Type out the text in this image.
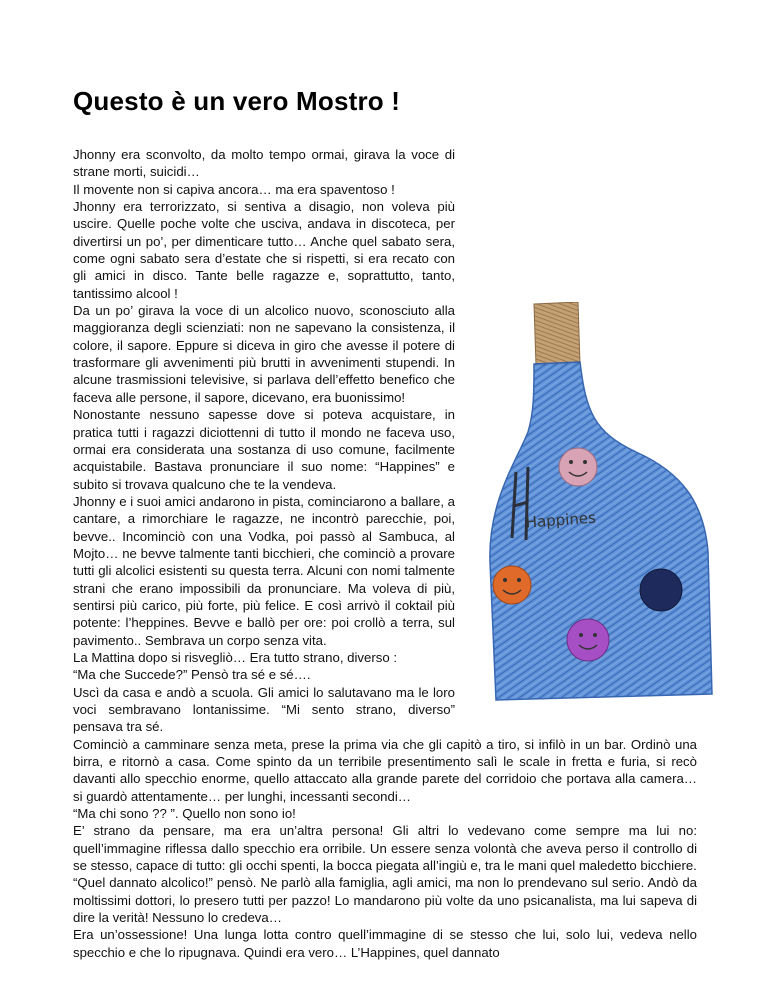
Questo è un vero Mostro !

Jhonny era sconvolto, da molto tempo ormai, girava la voce di strane morti, suicidi…

Il movente non si capiva ancora… ma era spaventoso !

Jhonny era terrorizzato, si sentiva a disagio, non voleva più uscire. Quelle poche volte che usciva, andava in discoteca, per divertirsi un po’, per dimenticare tutto… Anche quel sabato sera, come ogni sabato sera d’estate che si rispetti, si era recato con gli amici in disco. Tante belle ragazze e, soprattutto, tanto, tantissimo alcool !

Da un po’ girava la voce di un alcolico nuovo, sconosciuto alla maggioranza degli scienziati: non ne sapevano la consistenza, il colore, il sapore. Eppure si diceva in giro che avesse il potere di trasformare gli avvenimenti più brutti in avvenimenti stupendi. In alcune trasmissioni televisive, si parlava dell’effetto benefico che faceva alle persone, il sapore, dicevano, era buonissimo!

Nonostante nessuno sapesse dove si poteva acquistare, in pratica tutti i ragazzi diciottenni di tutto il mondo ne faceva uso, ormai era considerata una sostanza di uso comune, facilmente acquistabile. Bastava pronunciare il suo nome: “Happines” e subito si trovava qualcuno che te la vendeva.

Jhonny e i suoi amici andarono in pista, cominciarono a ballare, a cantare, a rimorchiare le ragazze, ne incontrò parecchie, poi, bevve.. Incominciò con una Vodka, poi passò al Sambuca, al Mojto… ne bevve talmente tanti bicchieri, che cominciò a provare tutti gli alcolici esistenti su questa terra. Alcuni con nomi talmente strani che erano impossibili da pronunciare. Ma voleva di più, sentirsi più carico, più forte, più felice. E così arrivò il coktail più potente: l’heppines. Bevve e ballò per ore: poi crollò a terra, sul pavimento.. Sembrava un corpo senza vita.

La Mattina dopo si risvegliò… Era tutto strano, diverso :

“Ma che Succede?” Pensò tra sé e sé….

Uscì da casa e andò a scuola. Gli amici lo salutavano ma le loro voci sembravano lontanissime. “Mi sento strano, diverso” pensava tra sé.

Cominciò a camminare senza meta, prese la prima via che gli capitò a tiro, si infilò in un bar. Ordinò una birra, e ritornò a casa. Come spinto da un terribile presentimento salì le scale in fretta e furia, si recò davanti allo specchio enorme, quello attaccato alla grande parete del corridoio che portava alla camera… si guardò attentamente… per lunghi, incessanti secondi…

“Ma chi sono ?? ”. Quello non sono io!

E’ strano da pensare, ma era un’altra persona! Gli altri lo vedevano come sempre ma lui no: quell’immagine riflessa dallo specchio era orribile. Un essere senza volontà che aveva perso il controllo di se stesso, capace di tutto: gli occhi spenti, la bocca piegata all’ingiù e, tra le mani quel maledetto bicchiere.

“Quel dannato alcolico!” pensò. Ne parlò alla famiglia, agli amici, ma non lo prendevano sul serio. Andò da moltissimi dottori, lo presero tutti per pazzo! Lo mandarono più volte da uno psicanalista, ma lui sapeva di dire la verità! Nessuno lo credeva…

Era un’ossessione! Una lunga lotta contro quell’immagine di se stesso che lui, solo lui, vedeva nello specchio e che lo ripugnava. Quindi era vero… L’Happines, quel dannato

Happines
